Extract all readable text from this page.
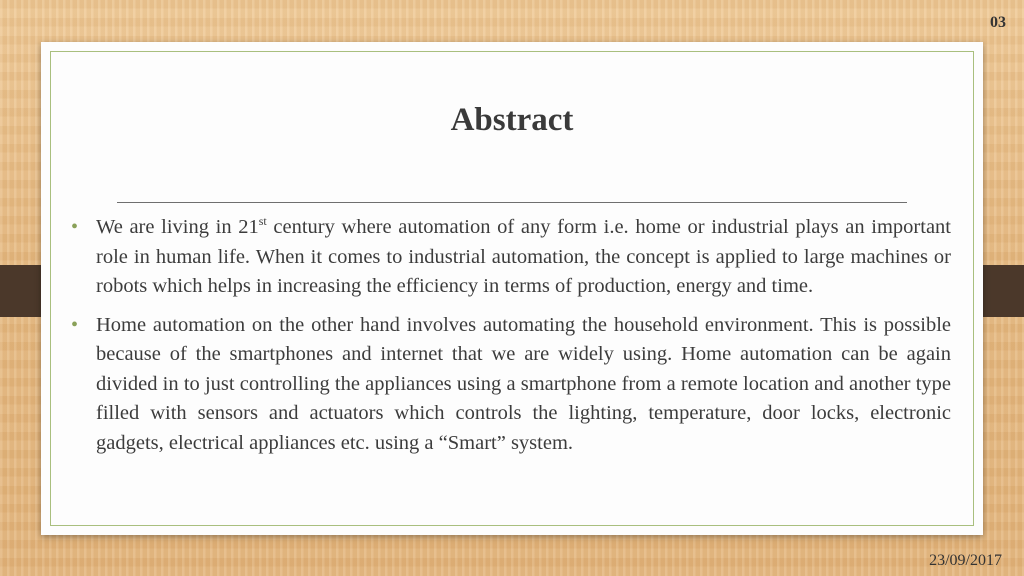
03
Abstract
• We are living in 21st century where automation of any form i.e. home or industrial plays an important role in human life. When it comes to industrial automation, the concept is applied to large machines or robots which helps in increasing the efficiency in terms of production, energy and time.
• Home automation on the other hand involves automating the household environment. This is possible because of the smartphones and internet that we are widely using. Home automation can be again divided in to just controlling the appliances using a smartphone from a remote location and another type filled with sensors and actuators which controls the lighting, temperature, door locks, electronic gadgets, electrical appliances etc. using a “Smart” system.
23/09/2017
